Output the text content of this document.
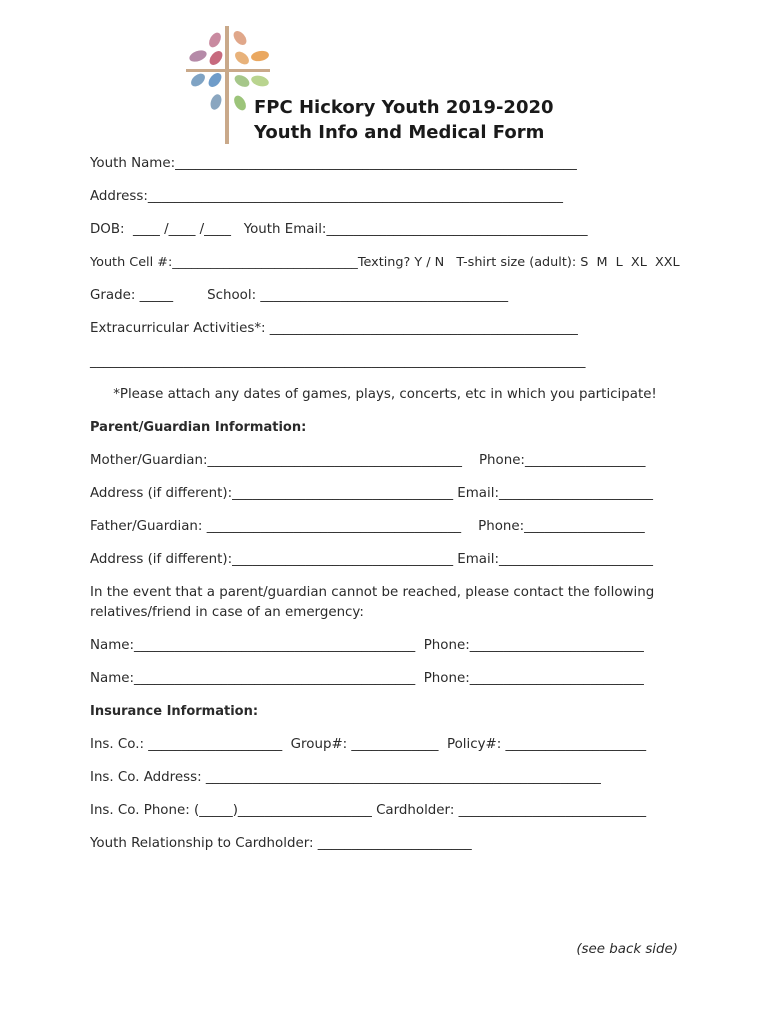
FPC Hickory Youth 2019-2020
Youth Info and Medical Form
Youth Name:____________________________________________________________
Address:______________________________________________________________
DOB:  ____ /____ /____   Youth Email:_______________________________________
Youth Cell #:_____________________________Texting? Y / N   T-shirt size (adult): S  M  L  XL  XXL
Grade: _____        School: _____________________________________
Extracurricular Activities*: ______________________________________________
__________________________________________________________________________
*Please attach any dates of games, plays, concerts, etc in which you participate!
Parent/Guardian Information:
Mother/Guardian:______________________________________    Phone:__________________
Address (if different):_________________________________ Email:_______________________
Father/Guardian: ______________________________________    Phone:__________________
Address (if different):_________________________________ Email:_______________________
In the event that a parent/guardian cannot be reached, please contact the following relatives/friend in case of an emergency:
Name:__________________________________________  Phone:__________________________
Name:__________________________________________  Phone:__________________________
Insurance Information:
Ins. Co.: ____________________  Group#: _____________  Policy#: _____________________
Ins. Co. Address: ___________________________________________________________
Ins. Co. Phone: (_____)____________________ Cardholder: ____________________________
Youth Relationship to Cardholder: _______________________
(see back side)
